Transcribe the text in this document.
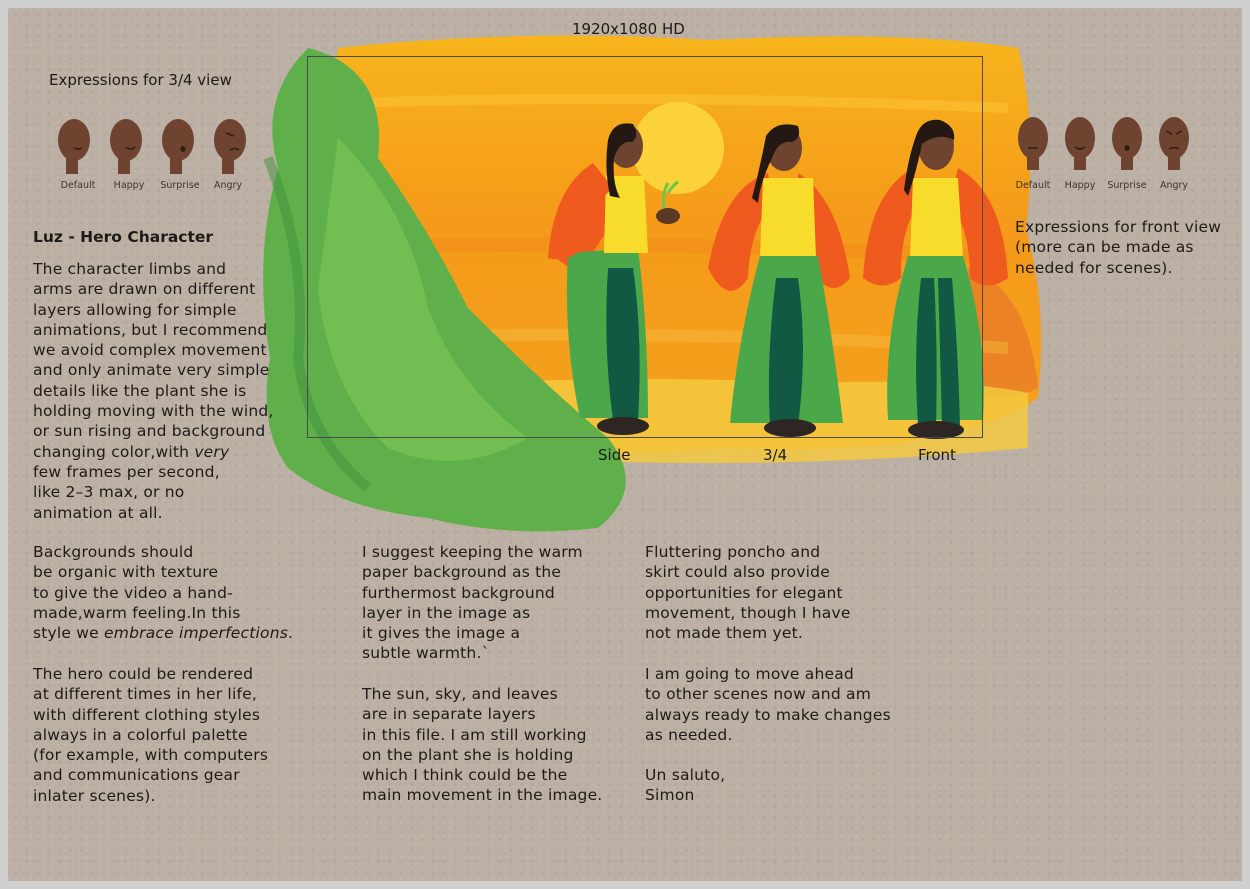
1920x1080 HD
Expressions for 3/4 view
Default	Happy	Surprise	Angry	Default	Happy	Surprise	Angry
Expressions for front view
(more can be made as
needed for scenes).
Side	3/4	Front
Luz - Hero Character
The character limbs and
arms are drawn on different
layers allowing for simple
animations, but I recommend
we avoid complex movement
and only animate very simple
details like the plant she is
holding moving with the wind,
or sun rising and background
changing color,with very
few frames per second,
like 2–3 max, or no
animation at all.
Backgrounds should
be organic with texture
to give the video a hand-
made,warm feeling.In this
style we embrace imperfections.
The hero could be rendered
at different times in her life,
with different clothing styles
always in a colorful palette
(for example, with computers
and communications gear
inlater scenes).
I suggest keeping the warm
paper background as the
furthermost background
layer in the image as
it gives the image a
subtle warmth.`
The sun, sky, and leaves
are in separate layers
in this file. I am still working
on the plant she is holding
which I think could be the
main movement in the image.
Fluttering poncho and
skirt could also provide
opportunities for elegant
movement, though I have
not made them yet.
I am going to move ahead
to other scenes now and am
always ready to make changes
as needed.
Un saluto,
Simon
